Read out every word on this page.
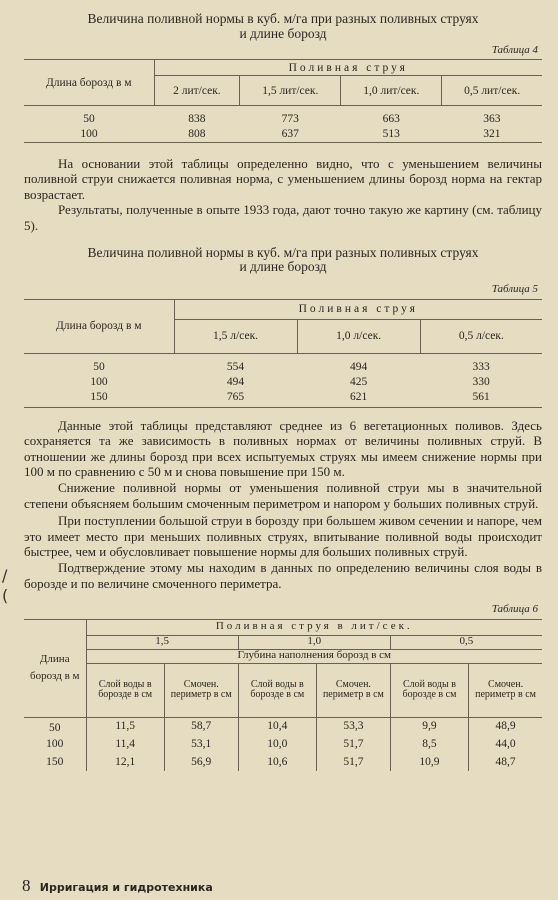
Величина поливной нормы в куб. м/га при разных поливных струях
и длине борозд
Таблица 4
Длина борозд в м	Поливная струя			
	2 лит/сек.	1,5 лит/сек.	1,0 лит/сек.	0,5 лит/сек.
50	838	773	663	363
100	808	637	513	321

На основании этой таблицы определенно видно, что с уменьшением величины поливной струи снижается поливная норма, с уменьшением длины борозд норма на гектар возрастает.

Результаты, полученные в опыте 1933 года, дают точно такую же картину (см. таблицу 5).

Величина поливной нормы в куб. м/га при разных поливных струях
и длине борозд
Таблица 5
Длина борозд в м	Поливная струя		
	1,5 л/сек.	1,0 л/сек.	0,5 л/сек.
50	554	494	333
100	494	425	330
150	765	621	561

Данные этой таблицы представляют среднее из 6 вегетационных поливов. Здесь сохраняется та же зависимость в поливных нормах от величины поливных струй. В отношении же длины борозд при всех испытуемых струях мы имеем снижение нормы при 100 м по сравнению с 50 м и снова повышение при 150 м.

Снижение поливной нормы от уменьшения поливной струи мы в значительной степени объясняем большим смоченным периметром и напором у больших поливных струй.

При поступлении большой струи в борозду при большем живом сечении и напоре, чем это имеет место при меньших поливных струях, впитывание поливной воды происходит быстрее, чем и обусловливает повышение нормы для больших поливных струй.

Подтверждение этому мы находим в данных по определению величины слоя воды в борозде и по величине смоченного периметра.

Таблица 6
Длина борозд в м	Поливная струя в лит/сек.					
	1,5		1,0		0,5	
	Глубина наполнения борозд в см					
	Слой воды в борозде в см	Смочен. периметр в см	Слой воды в борозде в см	Смочен. периметр в см	Слой воды в борозде в см	Смочен. периметр в см
50	11,5	58,7	10,4	53,3	9,9	48,9
100	11,4	53,1	10,0	51,7	8,5	44,0
150	12,1	56,9	10,6	51,7	10,9	48,7
/
(
8 Ирригация и гидротехника
